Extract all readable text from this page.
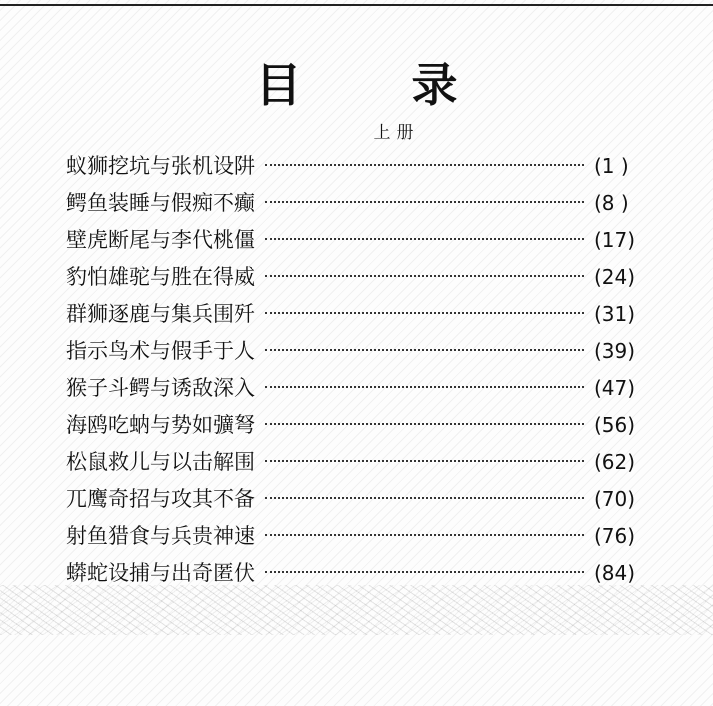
目录
上册
蚁狮挖坑与张机设阱	(1 )
鳄鱼装睡与假痴不癫	(8 )
壁虎断尾与李代桃僵	(17)
豹怕雄驼与胜在得威	(24)
群狮逐鹿与集兵围歼	(31)
指示鸟术与假手于人	(39)
猴子斗鳄与诱敌深入	(47)
海鸥吃蚋与势如彍弩	(56)
松鼠救儿与以击解围	(62)
兀鹰奇招与攻其不备	(70)
射鱼猎食与兵贵神速	(76)
蟒蛇设捕与出奇匿伏	(84)
